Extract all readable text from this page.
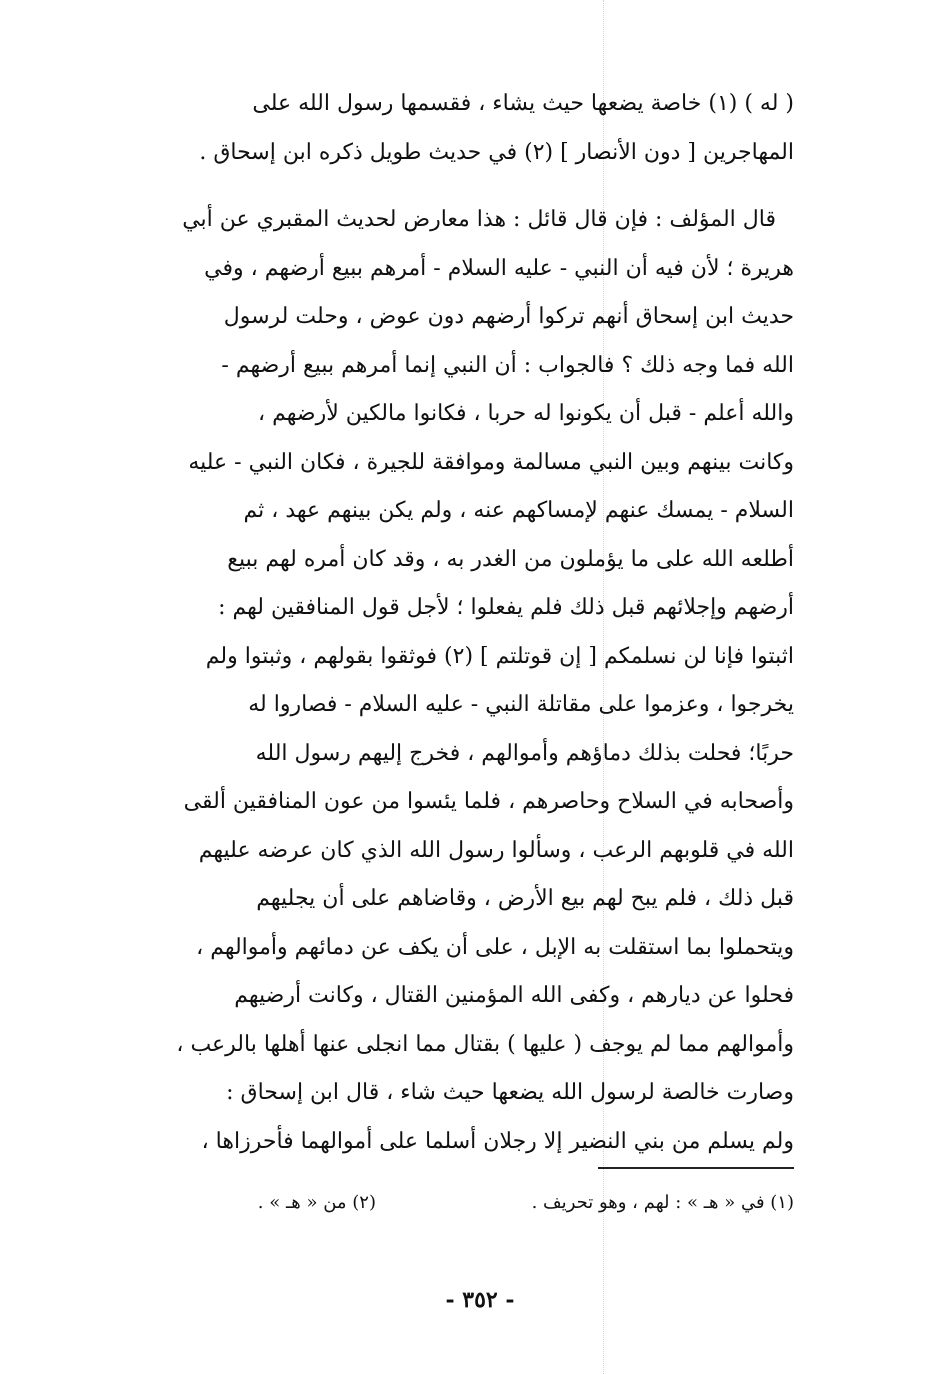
( له ) (١) خاصة يضعها حيث يشاء ، فقسمها رسول الله على
المهاجرين [ دون الأنصار ] (٢) في حديث طويل ذكره ابن إسحاق .
قال المؤلف : فإن قال قائل : هذا معارض لحديث المقبري عن أبي
هريرة ؛ لأن فيه أن النبي - عليه السلام - أمرهم ببيع أرضهم ، وفي
حديث ابن إسحاق أنهم تركوا أرضهم دون عوض ، وحلت لرسول
الله فما وجه ذلك ؟ فالجواب : أن النبي إنما أمرهم ببيع أرضهم -
والله أعلم - قبل أن يكونوا له حربا ، فكانوا مالكين لأرضهم ،
وكانت بينهم وبين النبي مسالمة وموافقة للجيرة ، فكان النبي - عليه
السلام - يمسك عنهم لإمساكهم عنه ، ولم يكن بينهم عهد ، ثم
أطلعه الله على ما يؤملون من الغدر به ، وقد كان أمره لهم ببيع
أرضهم وإجلائهم قبل ذلك فلم يفعلوا ؛ لأجل قول المنافقين لهم :
اثبتوا فإنا لن نسلمكم [ إن قوتلتم ] (٢) فوثقوا بقولهم ، وثبتوا ولم
يخرجوا ، وعزموا على مقاتلة النبي - عليه السلام - فصاروا له
حربًا؛ فحلت بذلك دماؤهم وأموالهم ، فخرج إليهم رسول الله
وأصحابه في السلاح وحاصرهم ، فلما يئسوا من عون المنافقين ألقى
الله في قلوبهم الرعب ، وسألوا رسول الله الذي كان عرضه عليهم
قبل ذلك ، فلم يبح لهم بيع الأرض ، وقاضاهم على أن يجليهم
ويتحملوا بما استقلت به الإبل ، على أن يكف عن دمائهم وأموالهم ،
فحلوا عن ديارهم ، وكفى الله المؤمنين القتال ، وكانت أرضيهم
وأموالهم مما لم يوجف ( عليها ) بقتال مما انجلى عنها أهلها بالرعب ،
وصارت خالصة لرسول الله يضعها حيث شاء ، قال ابن إسحاق :
ولم يسلم من بني النضير إلا رجلان أسلما على أموالهما فأحرزاها ،
(١) في « هـ » : لهم ، وهو تحريف .
(٢) من « هـ » .
- ٣٥٢ -
